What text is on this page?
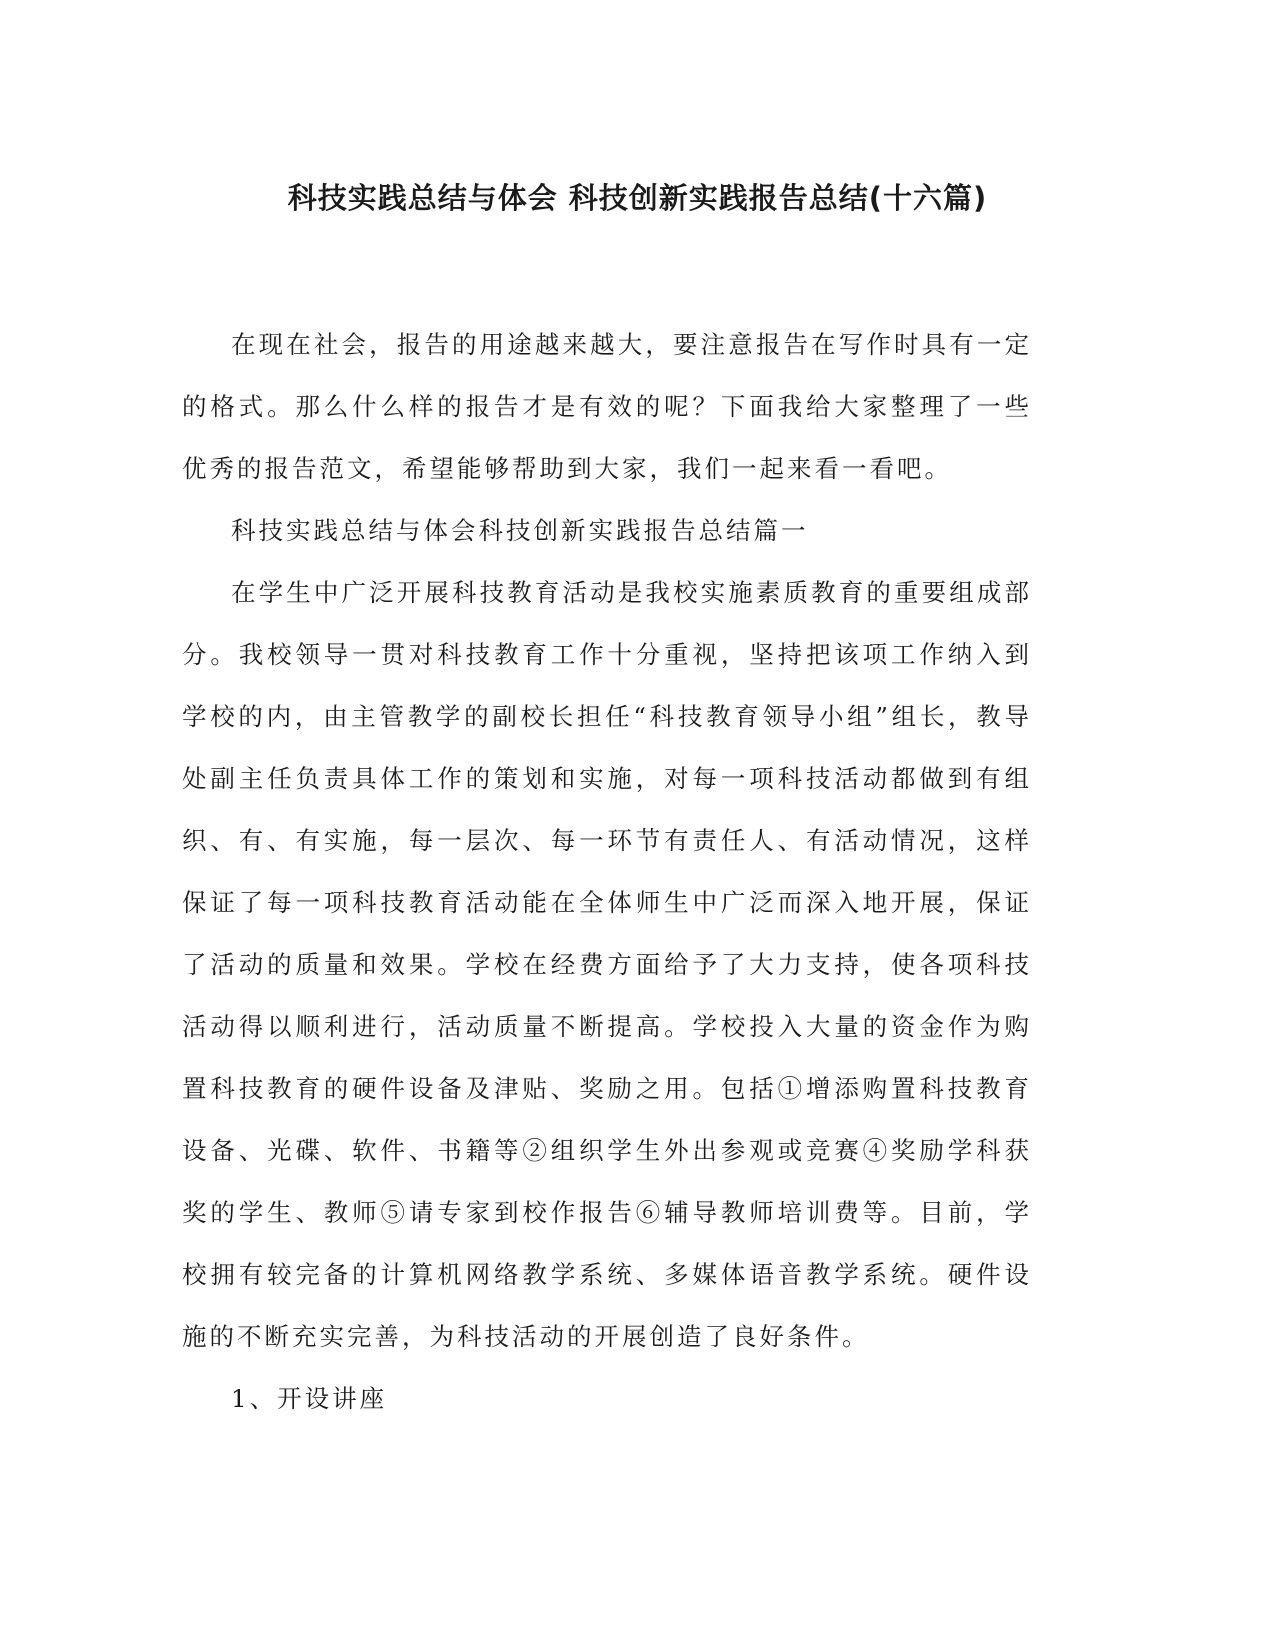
科技实践总结与体会 科技创新实践报告总结(十六篇)

在现在社会，报告的用途越来越大，要注意报告在写作时具有一定的格式。那么什么样的报告才是有效的呢？下面我给大家整理了一些优秀的报告范文，希望能够帮助到大家，我们一起来看一看吧。

科技实践总结与体会科技创新实践报告总结篇一

在学生中广泛开展科技教育活动是我校实施素质教育的重要组成部分。我校领导一贯对科技教育工作十分重视，坚持把该项工作纳入到学校的内，由主管教学的副校长担任“科技教育领导小组”组长，教导处副主任负责具体工作的策划和实施，对每一项科技活动都做到有组织、有、有实施，每一层次、每一环节有责任人、有活动情况，这样保证了每一项科技教育活动能在全体师生中广泛而深入地开展，保证了活动的质量和效果。学校在经费方面给予了大力支持，使各项科技活动得以顺利进行，活动质量不断提高。学校投入大量的资金作为购置科技教育的硬件设备及津贴、奖励之用。包括①增添购置科技教育设备、光碟、软件、书籍等②组织学生外出参观或竞赛④奖励学科获奖的学生、教师⑤请专家到校作报告⑥辅导教师培训费等。目前，学校拥有较完备的计算机网络教学系统、多媒体语音教学系统。硬件设施的不断充实完善，为科技活动的开展创造了良好条件。

1、开设讲座
